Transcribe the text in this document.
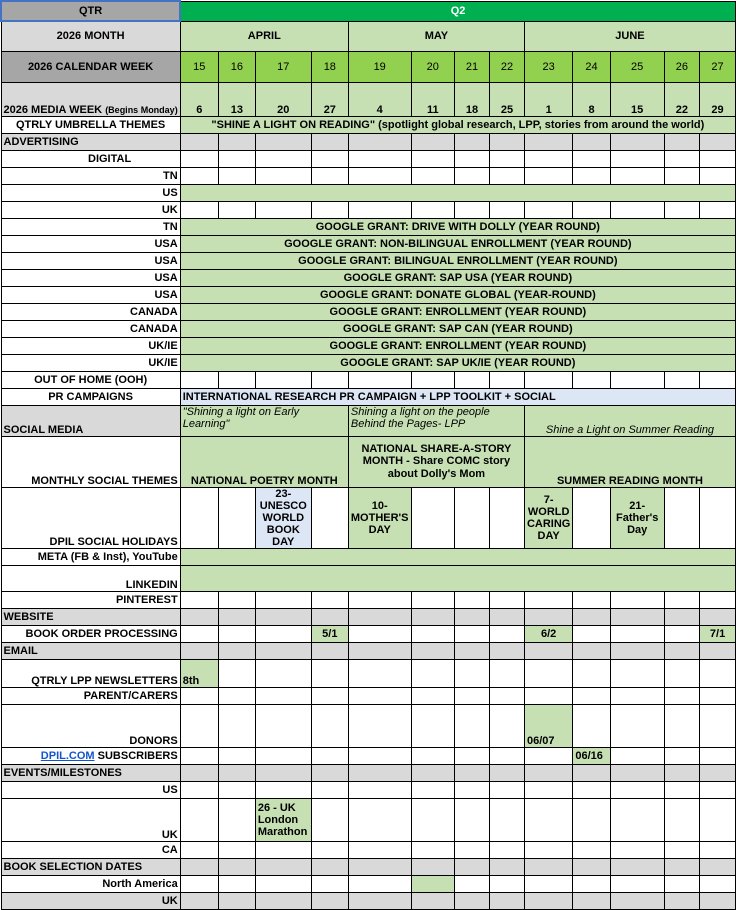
QTR	Q2												
2026 MONTH	APRIL				MAY				JUNE				
2026 CALENDAR WEEK	15	16	17	18	19	20	21	22	23	24	25	26	27
2026 MEDIA WEEK (Begins Monday)	6	13	20	27	4	11	18	25	1	8	15	22	29
QTRLY UMBRELLA THEMES	"SHINE A LIGHT ON READING" (spotlight global research, LPP, stories from around the world)												
ADVERTISING													
DIGITAL													
TN													
US													
UK													
TN	GOOGLE GRANT: DRIVE WITH DOLLY (YEAR ROUND)												
USA	GOOGLE GRANT: NON-BILINGUAL ENROLLMENT (YEAR ROUND)												
USA	GOOGLE GRANT: BILINGUAL ENROLLMENT (YEAR ROUND)												
USA	GOOGLE GRANT: SAP USA (YEAR ROUND)												
USA	GOOGLE GRANT: DONATE GLOBAL (YEAR-ROUND)												
CANADA	GOOGLE GRANT: ENROLLMENT (YEAR ROUND)												
CANADA	GOOGLE GRANT: SAP CAN (YEAR ROUND)												
UK/IE	GOOGLE GRANT: ENROLLMENT (YEAR ROUND)												
UK/IE	GOOGLE GRANT: SAP UK/IE (YEAR ROUND)												
OUT OF HOME (OOH)													
PR CAMPAIGNS	INTERNATIONAL RESEARCH PR CAMPAIGN + LPP TOOLKIT + SOCIAL												
SOCIAL MEDIA	"Shining a light on Early Learning"				Shining a light on the people Behind the Pages- LPP				Shine a Light on Summer Reading				
MONTHLY SOCIAL THEMES	NATIONAL POETRY MONTH				NATIONAL SHARE-A-STORY MONTH - Share COMC story about Dolly's Mom				SUMMER READING MONTH				
DPIL SOCIAL HOLIDAYS			23-UNESCO WORLD BOOK DAY		10-MOTHER'S DAY				7-WORLD CARING DAY		21-Father's Day		
META (FB & Inst), YouTube													
LINKEDIN													
PINTEREST													
WEBSITE													
BOOK ORDER PROCESSING				5/1					6/2				7/1
EMAIL													
QTRLY LPP NEWSLETTERS	8th												
PARENT/CARERS													
DONORS									06/07				
DPIL.COM SUBSCRIBERS										06/16			
EVENTS/MILESTONES													
US													
UK			26 - UK London Marathon										
CA													
BOOK SELECTION DATES													
North America													
UK													
